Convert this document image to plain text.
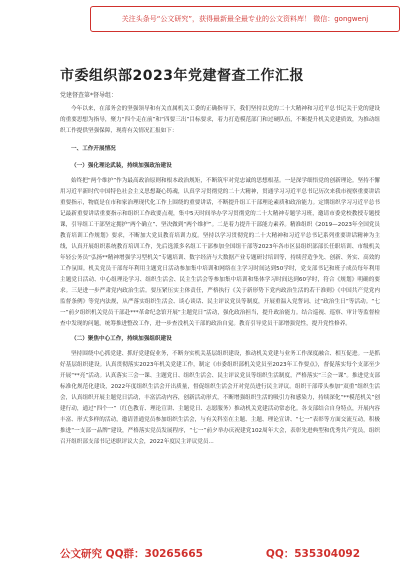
关注头条号“公文研究”，获得最新最全最专业的公文资料库！ 微信：gongwenj
市委组织部2023年党建督查工作汇报
党建督查第*督导组：

今年以来，在部务会的坚强领导和有关直属机关工委的正确指导下，我们坚持以党的二十大精神和习近平总书记关于党的建设的重要思想为指导，聚力“四个走在前”和“四要三出”目标要求，着力打造模范部门和过硬队伍，不断提升机关党建质效，为推动组织工作提供坚强保障，现将有关情况汇报如下：

一、工作开展情况

（一）强化理论武装，持续加强政治建设

始终把“两个维护”作为最高政治原则和根本政治规矩，不断筑牢对党忠诚的思想根基。一是深学细悟党的创新理论。坚持不懈用习近平新时代中国特色社会主义思想凝心铸魂，认真学习贯彻党的二十大精神，贯通学习习近平总书记历次来我市视察重要讲话重要指示，物底是在市和家治理现代化工作上围绕的重要讲话，不断提升组工干部理论素质和政治能力。定期组织学习习近平总书记最新重要讲话重要指示和组织工作政要点观，集中5天时间举办学习贯彻党的二十大精神专题学习班，邀请市委党校教授专题授课，引导组工干部坚定拥护“两个确立”、坚决做到“两个维护”。二是着力提升干部能力素养。精准组织《2019—2023年全国党员教育培训工作规划》要求，不断加大党员教育培训力度。坚持以学习贯彻党的二十大精神和习近平总书记系列重要讲话精神为主线，认真开展组织系统教育培训工作，先后选派多名组工干部参加全国组干部等2023年各市区县组织部部长任职培训、市级机关年轻公务员“弘扬**精神增强学习型机关”专题培训、数字经济与大数据产业专题研讨培训等，持续营造争先、创新、务实、高效的工作氛围。机关党员干部每年利用主题党日活动参加集中培训和网络在主学习时间达到50学时，党支部书记和班子成员每年利用主题党日活动、中心组理论学习、组织生活会、民主生活会等参加集中培训和集体学习时间达到60学时，符合《规划》明确的要求。三是进一步严肃党内政治生活。要压紧压实主体责任，严格执行《关于新形势下党内政治生活的若干准则》《中国共产党党内监督条例》等党内法规，从严落实组织生活会、谈心谈话、民主评议党员等制度，开展重温入党誓词、过“政治生日”等活动。“七一”前夕组织机关党员干部赴***革命纪念馆开展“主题党日”活动，强化政治担当，提升政治能力。结合巡视、巡察、审计等监督检查中发现的问题，统筹推进整改工作，进一步查没机关干部的政治自觉。教育引导党员干部增强党性，提升党性修养。

（二）聚焦中心工作，持续加强组织建设

坚持围绕中心抓党建、抓好党建促业务，不断夯实机关基层组织建设，推动机关党建与业务工作深度融合、相互促进。一是抓好基层组织建设。认真贯彻落实2023年机关党建工作，制定《市委组织部机关党员至2023年工作要点》，督促落实每个支部至少开展“**亮”活动。认真落实三会一课、主题党日、组织生活会、民主评议党员等组织生活制度，严格落实“三会一课”。推进党支部标准化规范化建设，2022年度组织生活会开出质量，督促组织生活会开对党员进行民主评议。组织干部带头参加“双重”组织生活会，认真组织开展主题党日活动，丰富活动内容，创新活动形式，不断增强组织生活的吸引力和感染力，持续深化“**模范机关”创建行动，通过“四个一”（红色教育、理论宣讲、主题党日、志愿服务）推动机关党建活动常态化。各支部结合自身特点，开展内容丰富、形式多样的活动，邀请普通党员参加组织生活会，与有关科室在主题、主题、理论宣讲、“七一”表彰等方面交流互动，积极推进“一支部一品牌”建设，严格落实党员发展程序，“七一”前夕举办庆祝建党102周年大会，表彰先进典型和优秀共产党员，组织召开组织部支部书记述职评议大会，2022年度民主评议党员...

公文研究 QQ群：30265665	QQ：535304092
